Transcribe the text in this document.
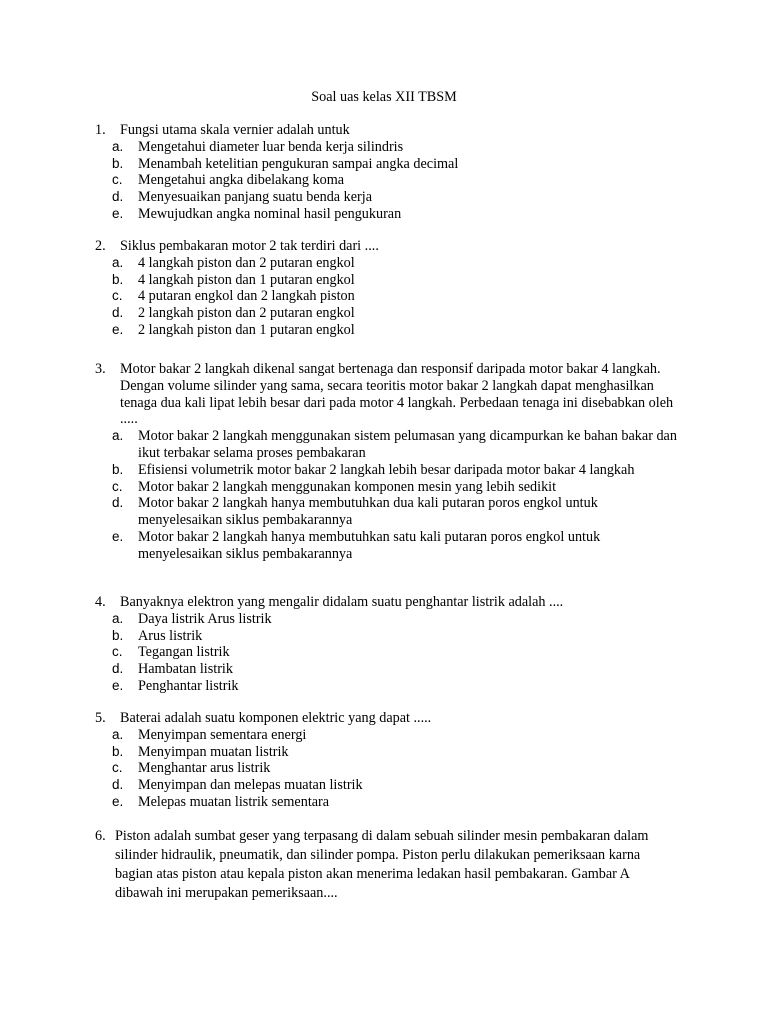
Soal uas kelas XII TBSM
1. Fungsi utama skala vernier adalah untuk
a. Mengetahui diameter luar benda kerja silindris
b. Menambah ketelitian pengukuran sampai angka decimal
c. Mengetahui angka dibelakang koma
d. Menyesuaikan panjang suatu benda kerja
e. Mewujudkan angka nominal hasil pengukuran
2. Siklus pembakaran motor 2 tak terdiri dari ....
a. 4 langkah piston dan 2 putaran engkol
b. 4 langkah piston dan 1 putaran engkol
c. 4 putaran engkol dan 2 langkah piston
d. 2 langkah piston dan 2 putaran engkol
e. 2 langkah piston dan 1 putaran engkol
3. Motor bakar 2 langkah dikenal sangat bertenaga dan responsif daripada motor bakar 4 langkah. Dengan volume silinder yang sama, secara teoritis motor bakar 2 langkah dapat menghasilkan tenaga dua kali lipat lebih besar dari pada motor 4 langkah. Perbedaan tenaga ini disebabkan oleh .....
a. Motor bakar 2 langkah menggunakan sistem pelumasan yang dicampurkan ke bahan bakar dan ikut terbakar selama proses pembakaran
b. Efisiensi volumetrik motor bakar 2 langkah lebih besar daripada motor bakar 4 langkah
c. Motor bakar 2 langkah menggunakan komponen mesin yang lebih sedikit
d. Motor bakar 2 langkah hanya membutuhkan dua kali putaran poros engkol untuk menyelesaikan siklus pembakarannya
e. Motor bakar 2 langkah hanya membutuhkan satu kali putaran poros engkol untuk menyelesaikan siklus pembakarannya
4. Banyaknya elektron yang mengalir didalam suatu penghantar listrik adalah ....
a. Daya listrik Arus listrik
b. Arus listrik
c. Tegangan listrik
d. Hambatan listrik
e. Penghantar listrik
5. Baterai adalah suatu komponen elektric yang dapat .....
a. Menyimpan sementara energi
b. Menyimpan muatan listrik
c. Menghantar arus listrik
d. Menyimpan dan melepas muatan listrik
e. Melepas muatan listrik sementara
6. Piston adalah sumbat geser yang terpasang di dalam sebuah silinder mesin pembakaran dalam silinder hidraulik, pneumatik, dan silinder pompa. Piston perlu dilakukan pemeriksaan karna bagian atas piston atau kepala piston akan menerima ledakan hasil pembakaran. Gambar A dibawah ini merupakan pemeriksaan....
